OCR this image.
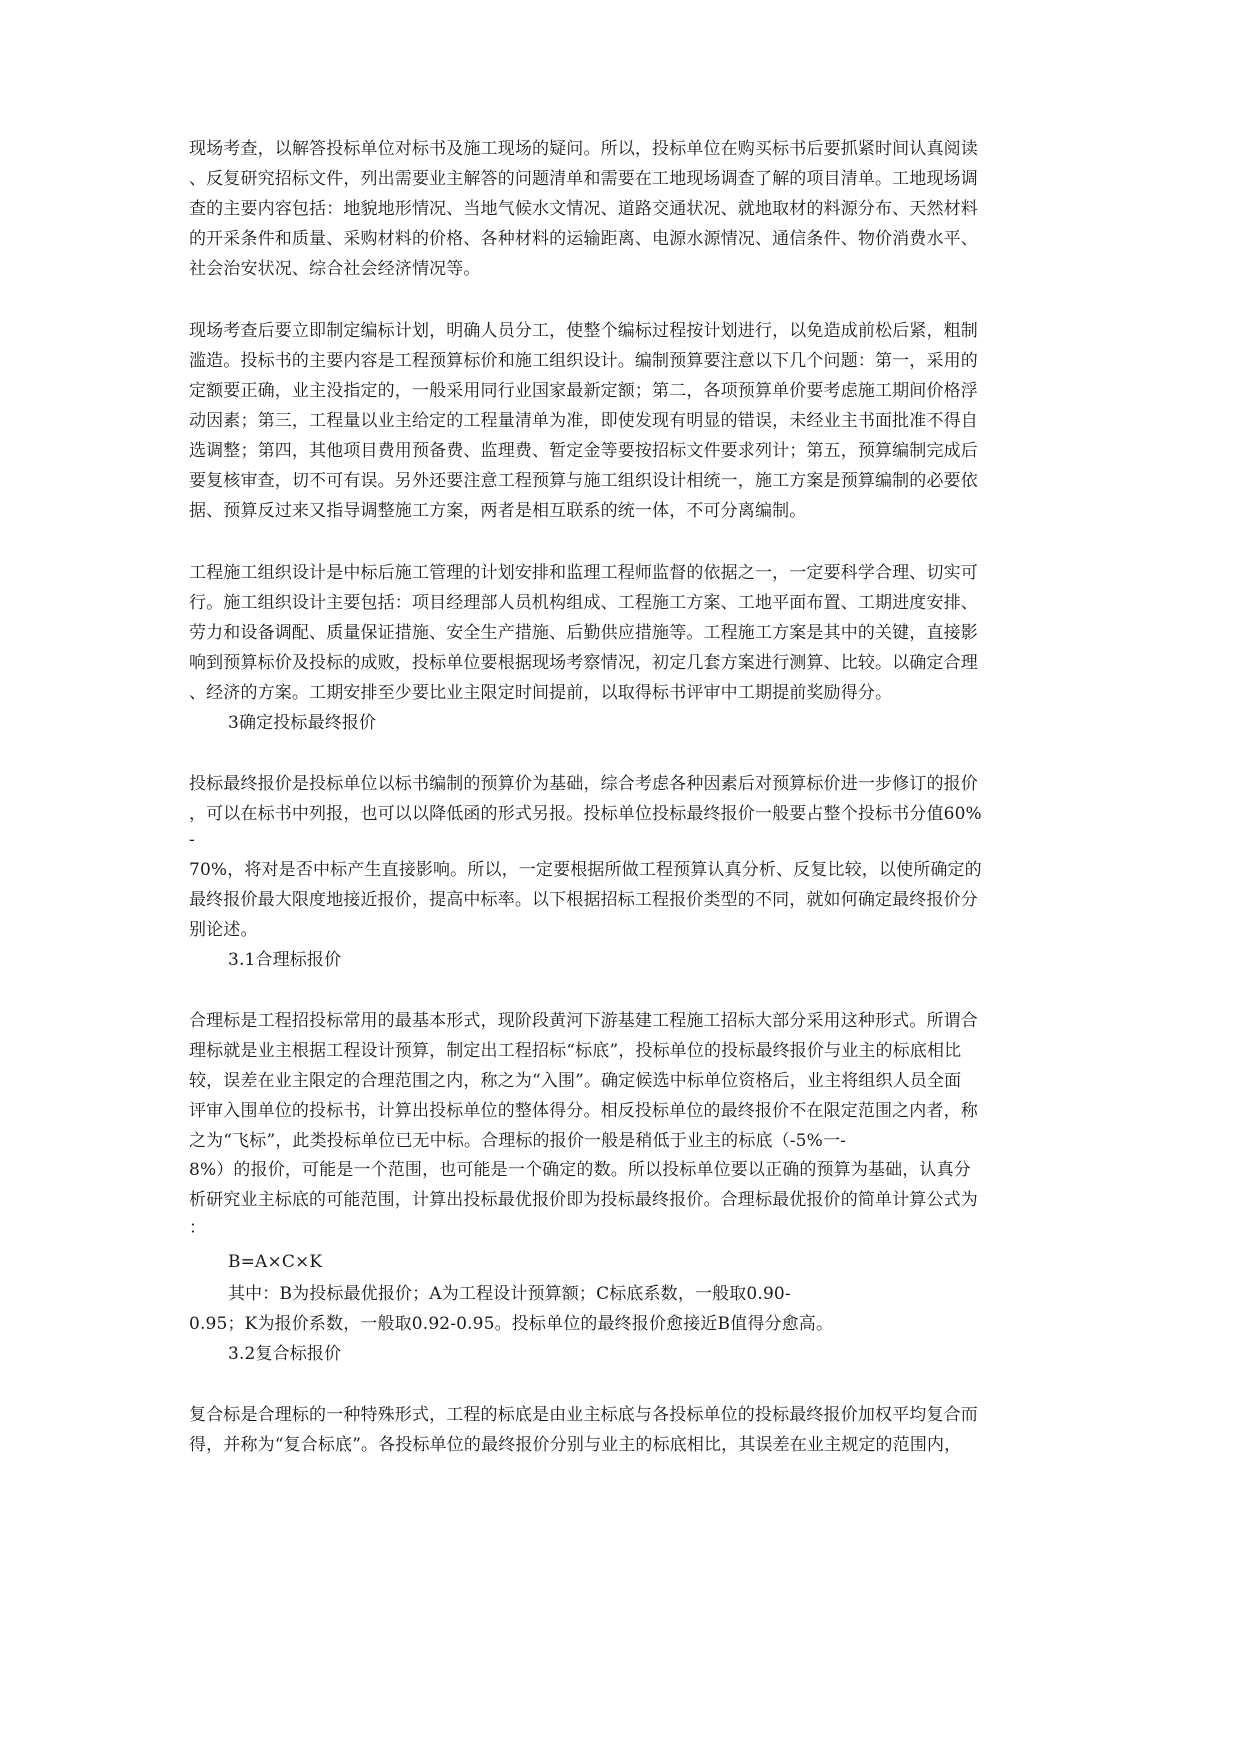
现场考查，以解答投标单位对标书及施工现场的疑问。所以，投标单位在购买标书后要抓紧时间认真阅读
、反复研究招标文件，列出需要业主解答的问题清单和需要在工地现场调查了解的项目清单。工地现场调
查的主要内容包括：地貌地形情况、当地气候水文情况、道路交通状况、就地取材的料源分布、天然材料
的开采条件和质量、采购材料的价格、各种材料的运输距离、电源水源情况、通信条件、物价消费水平、
社会治安状况、综合社会经济情况等。
现场考查后要立即制定编标计划，明确人员分工，使整个编标过程按计划进行，以免造成前松后紧，粗制
滥造。投标书的主要内容是工程预算标价和施工组织设计。编制预算要注意以下几个问题：第一，采用的
定额要正确，业主没指定的，一般采用同行业国家最新定额；第二，各项预算单价要考虑施工期间价格浮
动因素；第三，工程量以业主给定的工程量清单为准，即使发现有明显的错误，未经业主书面批准不得自
选调整；第四，其他项目费用预备费、监理费、暂定金等要按招标文件要求列计；第五，预算编制完成后
要复核审查，切不可有误。另外还要注意工程预算与施工组织设计相统一，施工方案是预算编制的必要依
据、预算反过来又指导调整施工方案，两者是相互联系的统一体，不可分离编制。
工程施工组织设计是中标后施工管理的计划安排和监理工程师监督的依据之一，一定要科学合理、切实可
行。施工组织设计主要包括：项目经理部人员机构组成、工程施工方案、工地平面布置、工期进度安排、
劳力和设备调配、质量保证措施、安全生产措施、后勤供应措施等。工程施工方案是其中的关键，直接影
响到预算标价及投标的成败，投标单位要根据现场考察情况，初定几套方案进行测算、比较。以确定合理
、经济的方案。工期安排至少要比业主限定时间提前，以取得标书评审中工期提前奖励得分。
3确定投标最终报价
投标最终报价是投标单位以标书编制的预算价为基础，综合考虑各种因素后对预算标价进一步修订的报价
，可以在标书中列报，也可以以降低函的形式另报。投标单位投标最终报价一般要占整个投标书分值60%
-
70%，将对是否中标产生直接影响。所以，一定要根据所做工程预算认真分析、反复比较，以使所确定的
最终报价最大限度地接近报价，提高中标率。以下根据招标工程报价类型的不同，就如何确定最终报价分
别论述。
3.1合理标报价
合理标是工程招投标常用的最基本形式，现阶段黄河下游基建工程施工招标大部分采用这种形式。所谓合
理标就是业主根据工程设计预算，制定出工程招标“标底”，投标单位的投标最终报价与业主的标底相比
较，误差在业主限定的合理范围之内，称之为“入围”。确定候选中标单位资格后，业主将组织人员全面
评审入围单位的投标书，计算出投标单位的整体得分。相反投标单位的最终报价不在限定范围之内者，称
之为“飞标”，此类投标单位已无中标。合理标的报价一般是稍低于业主的标底（-5%一-
8%）的报价，可能是一个范围，也可能是一个确定的数。所以投标单位要以正确的预算为基础，认真分
析研究业主标底的可能范围，计算出投标最优报价即为投标最终报价。合理标最优报价的简单计算公式为
：
B=A×C×K
其中：B为投标最优报价；A为工程设计预算额；C标底系数，一般取0.90-
0.95；K为报价系数，一般取0.92-0.95。投标单位的最终报价愈接近B值得分愈高。
3.2复合标报价
复合标是合理标的一种特殊形式，工程的标底是由业主标底与各投标单位的投标最终报价加权平均复合而
得，并称为“复合标底”。各投标单位的最终报价分别与业主的标底相比，其误差在业主规定的范围内，
